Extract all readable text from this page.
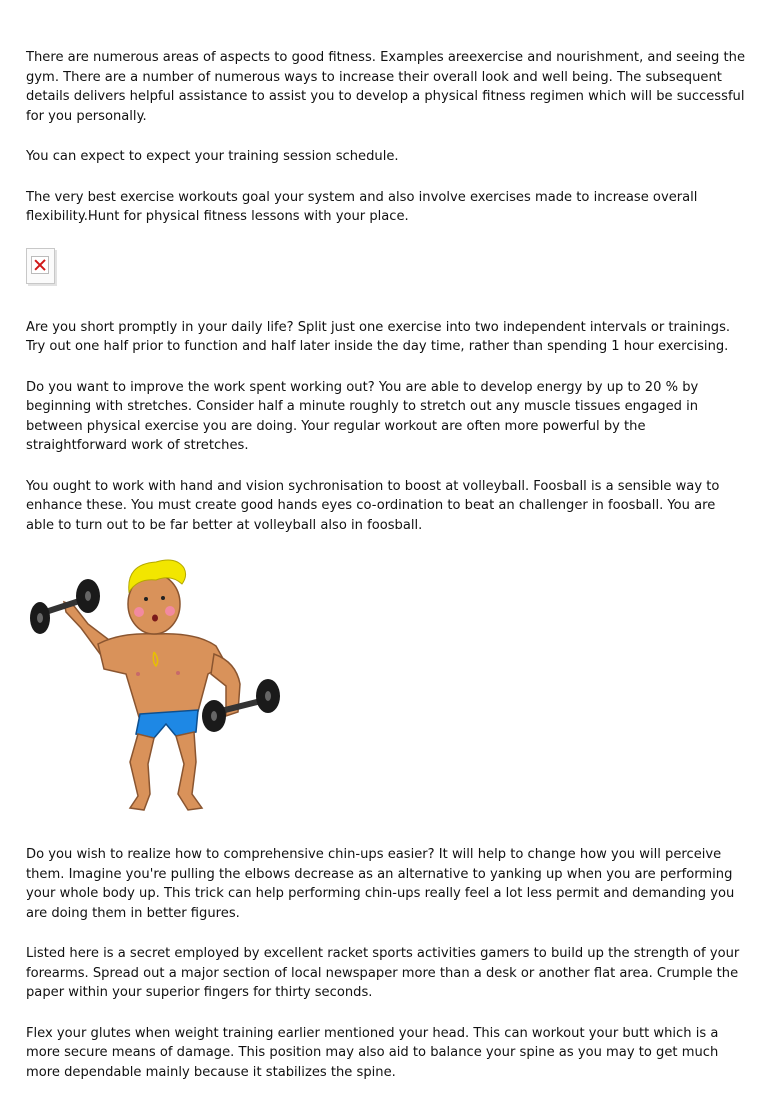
There are numerous areas of aspects to good fitness. Examples areexercise and nourishment, and seeing the gym. There are a number of numerous ways to increase their overall look and well being. The subsequent details delivers helpful assistance to assist you to develop a physical fitness regimen which will be successful for you personally.

You can expect to expect your training session schedule.

The very best exercise workouts goal your system and also involve exercises made to increase overall flexibility.Hunt for physical fitness lessons with your place.

Are you short promptly in your daily life? Split just one exercise into two independent intervals or trainings. Try out one half prior to function and half later inside the day time, rather than spending 1 hour exercising.

Do you want to improve the work spent working out? You are able to develop energy by up to 20 % by beginning with stretches. Consider half a minute roughly to stretch out any muscle tissues engaged in between physical exercise you are doing. Your regular workout are often more powerful by the straightforward work of stretches.

You ought to work with hand and vision sychronisation to boost at volleyball. Foosball is a sensible way to enhance these. You must create good hands eyes co-ordination to beat an challenger in foosball. You are able to turn out to be far better at volleyball also in foosball.

Do you wish to realize how to comprehensive chin-ups easier? It will help to change how you will perceive them. Imagine you're pulling the elbows decrease as an alternative to yanking up when you are performing your whole body up. This trick can help performing chin-ups really feel a lot less permit and demanding you are doing them in better figures.

Listed here is a secret employed by excellent racket sports activities gamers to build up the strength of your forearms. Spread out a major section of local newspaper more than a desk or another flat area. Crumple the paper within your superior fingers for thirty seconds.

Flex your glutes when weight training earlier mentioned your head. This can workout your butt which is a more secure means of damage. This position may also aid to balance your spine as you may to get much more dependable mainly because it stabilizes the spine.
